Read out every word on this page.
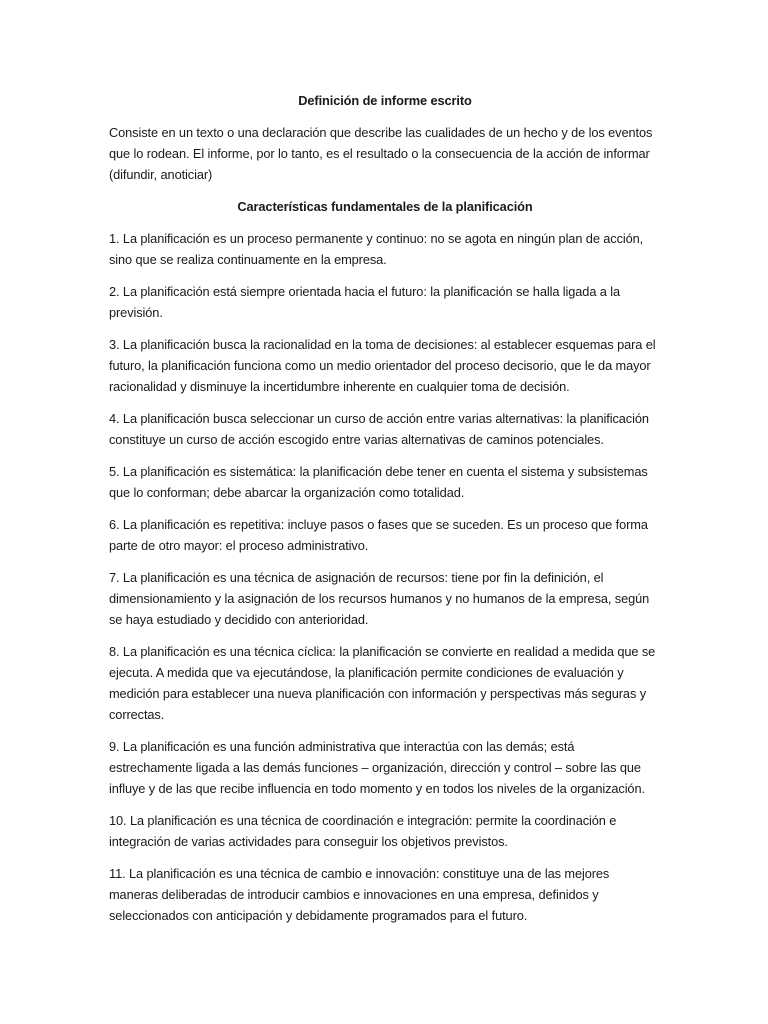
Definición de informe escrito
Consiste en un texto o una declaración que describe las cualidades de un hecho y de los eventos que lo rodean. El informe, por lo tanto, es el resultado o la consecuencia de la acción de informar (difundir, anoticiar)
Características fundamentales de la planificación
1. La planificación es un proceso permanente y continuo: no se agota en ningún plan de acción, sino que se realiza continuamente en la empresa.
2. La planificación está siempre orientada hacia el futuro: la planificación se halla ligada a la previsión.
3. La planificación busca la racionalidad en la toma de decisiones: al establecer esquemas para el futuro, la planificación funciona como un medio orientador del proceso decisorio, que le da mayor racionalidad y disminuye la incertidumbre inherente en cualquier toma de decisión.
4. La planificación busca seleccionar un curso de acción entre varias alternativas: la planificación constituye un curso de acción escogido entre varias alternativas de caminos potenciales.
5. La planificación es sistemática: la planificación debe tener en cuenta el sistema y subsistemas que lo conforman; debe abarcar la organización como totalidad.
6. La planificación es repetitiva: incluye pasos o fases que se suceden. Es un proceso que forma parte de otro mayor: el proceso administrativo.
7. La planificación es una técnica de asignación de recursos: tiene por fin la definición, el dimensionamiento y la asignación de los recursos humanos y no humanos de la empresa, según se haya estudiado y decidido con anterioridad.
8. La planificación es una técnica cíclica: la planificación se convierte en realidad a medida que se ejecuta. A medida que va ejecutándose, la planificación permite condiciones de evaluación y medición para establecer una nueva planificación con información y perspectivas más seguras y correctas.
9. La planificación es una función administrativa que interactúa con las demás; está estrechamente ligada a las demás funciones – organización, dirección y control – sobre las que influye y de las que recibe influencia en todo momento y en todos los niveles de la organización.
10. La planificación es una técnica de coordinación e integración: permite la coordinación e integración de varias actividades para conseguir los objetivos previstos.
11. La planificación es una técnica de cambio e innovación: constituye una de las mejores maneras deliberadas de introducir cambios e innovaciones en una empresa, definidos y seleccionados con anticipación y debidamente programados para el futuro.
